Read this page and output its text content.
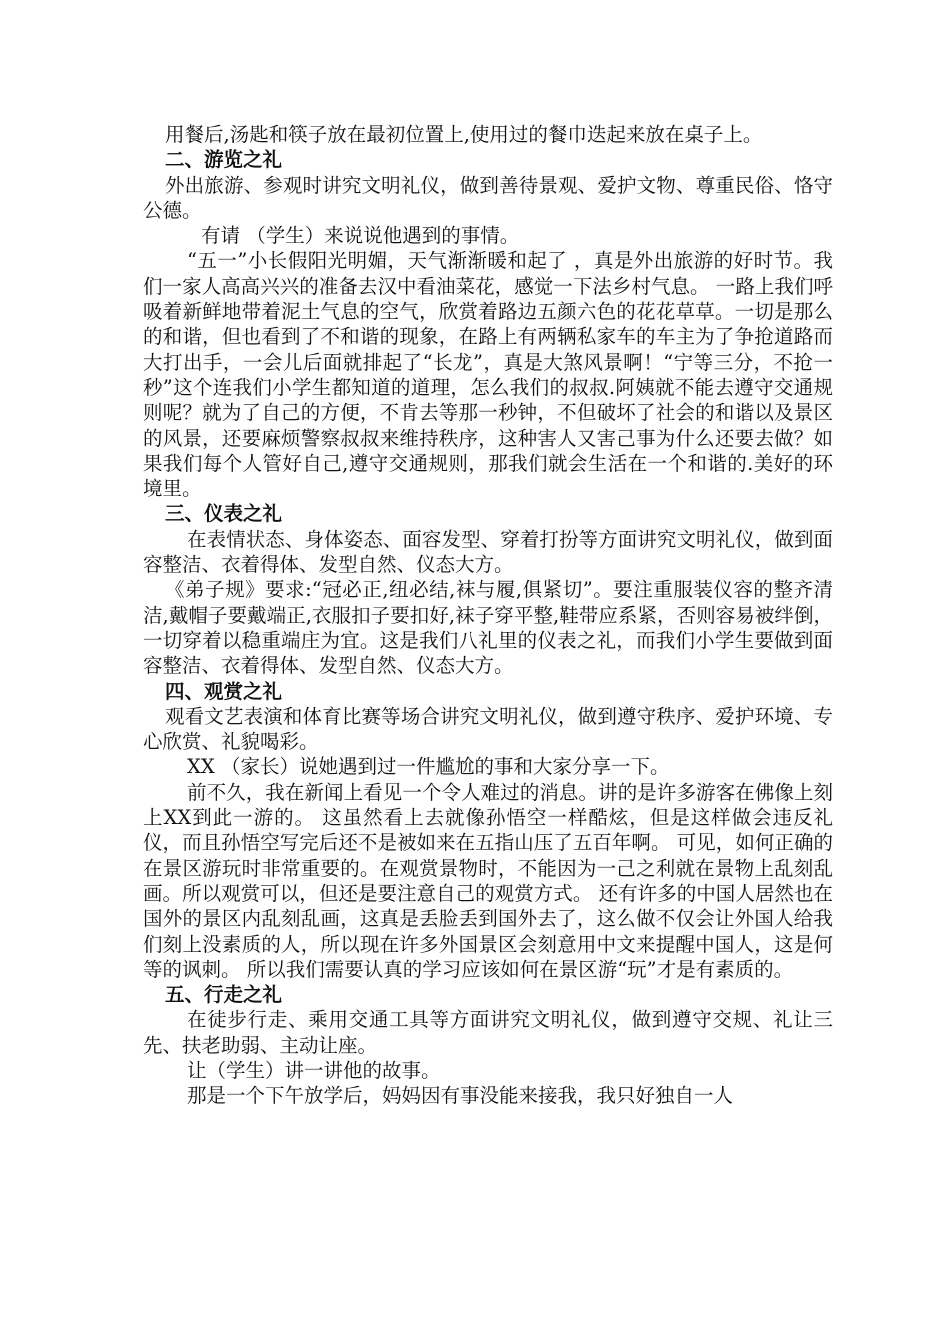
用餐后,汤匙和筷子放在最初位置上,使用过的餐巾迭起来放在桌子上。

二、游览之礼

外出旅游、参观时讲究文明礼仪，做到善待景观、爱护文物、尊重民俗、恪守公德。

有请 （学生）来说说他遇到的事情。

“五一”小长假阳光明媚，天气渐渐暖和起了 ，真是外出旅游的好时节。我们一家人高高兴兴的准备去汉中看油菜花，感觉一下法乡村气息。 一路上我们呼吸着新鲜地带着泥土气息的空气，欣赏着路边五颜六色的花花草草。一切是那么的和谐，但也看到了不和谐的现象，在路上有两辆私家车的车主为了争抢道路而大打出手，一会儿后面就排起了“长龙”，真是大煞风景啊！“宁等三分，不抢一秒”这个连我们小学生都知道的道理，怎么我们的叔叔.阿姨就不能去遵守交通规则呢？就为了自己的方便，不肯去等那一秒钟，不但破坏了社会的和谐以及景区的风景，还要麻烦警察叔叔来维持秩序，这种害人又害己事为什么还要去做？如果我们每个人管好自己,遵守交通规则，那我们就会生活在一个和谐的.美好的环境里。

三、仪表之礼

在表情状态、身体姿态、面容发型、穿着打扮等方面讲究文明礼仪，做到面容整洁、衣着得体、发型自然、仪态大方。

《弟子规》要求:“冠必正,纽必结,袜与履,俱紧切”。要注重服装仪容的整齐清洁,戴帽子要戴端正,衣服扣子要扣好,袜子穿平整,鞋带应系紧，否则容易被绊倒，一切穿着以稳重端庄为宜。这是我们八礼里的仪表之礼，而我们小学生要做到面容整洁、衣着得体、发型自然、仪态大方。

四、观赏之礼

观看文艺表演和体育比赛等场合讲究文明礼仪，做到遵守秩序、爱护环境、专心欣赏、礼貌喝彩。

XX （家长）说她遇到过一件尴尬的事和大家分享一下。

前不久，我在新闻上看见一个令人难过的消息。讲的是许多游客在佛像上刻上XX到此一游的。 这虽然看上去就像孙悟空一样酷炫，但是这样做会违反礼仪，而且孙悟空写完后还不是被如来在五指山压了五百年啊。 可见，如何正确的在景区游玩时非常重要的。在观赏景物时，不能因为一己之利就在景物上乱刻乱画。所以观赏可以，但还是要注意自己的观赏方式。 还有许多的中国人居然也在国外的景区内乱刻乱画，这真是丢脸丢到国外去了，这么做不仅会让外国人给我们刻上没素质的人，所以现在许多外国景区会刻意用中文来提醒中国人，这是何等的讽刺。 所以我们需要认真的学习应该如何在景区游“玩”才是有素质的。

五、行走之礼

在徒步行走、乘用交通工具等方面讲究文明礼仪，做到遵守交规、礼让三先、扶老助弱、主动让座。

让（学生）讲一讲他的故事。

那是一个下午放学后，妈妈因有事没能来接我，我只好独自一人
